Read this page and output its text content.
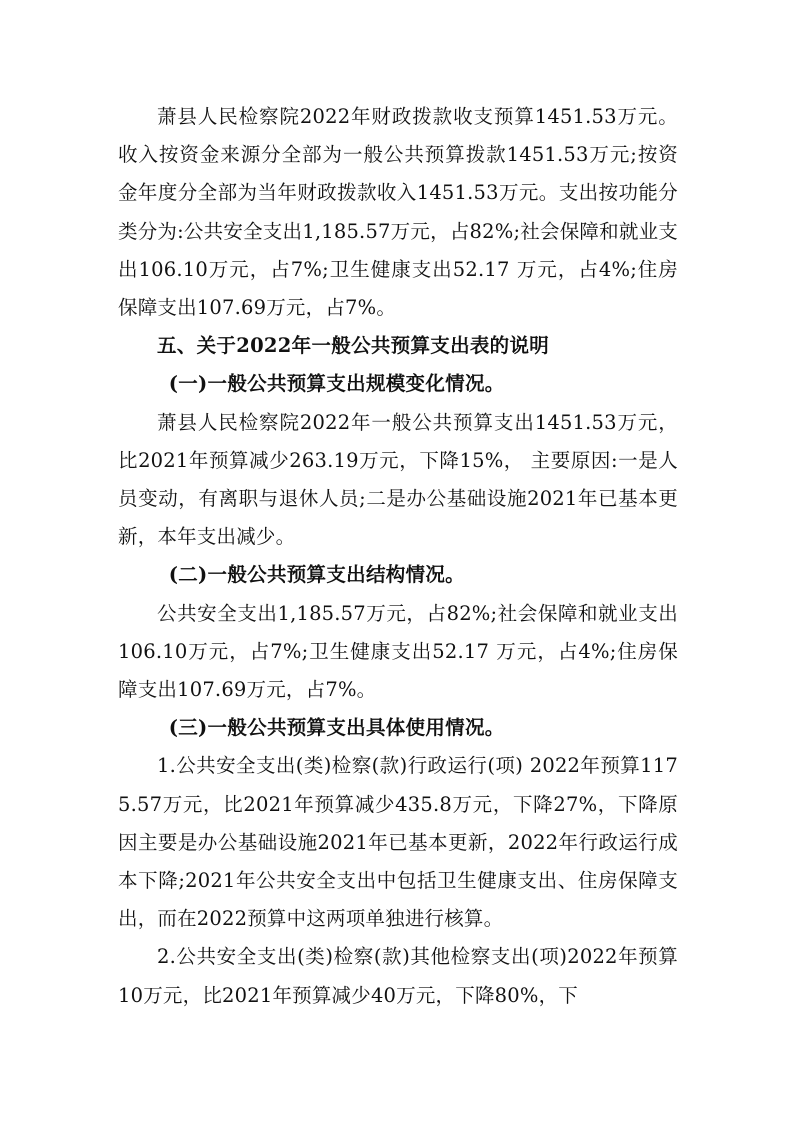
萧县人民检察院2022年财政拨款收支预算1451.53万元。收入按资金来源分全部为一般公共预算拨款1451.53万元;按资金年度分全部为当年财政拨款收入1451.53万元。支出按功能分类分为:公共安全支出1,185.57万元，占82%;社会保障和就业支出106.10万元，占7%;卫生健康支出52.17 万元，占4%;住房保障支出107.69万元，占7%。

五、关于2022年一般公共预算支出表的说明

(一)一般公共预算支出规模变化情况。

萧县人民检察院2022年一般公共预算支出1451.53万元，比2021年预算减少263.19万元，下降15%， 主要原因:一是人员变动，有离职与退休人员;二是办公基础设施2021年已基本更新，本年支出减少。

(二)一般公共预算支出结构情况。

公共安全支出1,185.57万元，占82%;社会保障和就业支出106.10万元，占7%;卫生健康支出52.17 万元，占4%;住房保障支出107.69万元，占7%。

(三)一般公共预算支出具体使用情况。

1.公共安全支出(类)检察(款)行政运行(项) 2022年预算1175.57万元，比2021年预算减少435.8万元，下降27%，下降原因主要是办公基础设施2021年已基本更新，2022年行政运行成本下降;2021年公共安全支出中包括卫生健康支出、住房保障支出，而在2022预算中这两项单独进行核算。

2.公共安全支出(类)检察(款)其他检察支出(项)2022年预算10万元，比2021年预算减少40万元，下降80%，下
